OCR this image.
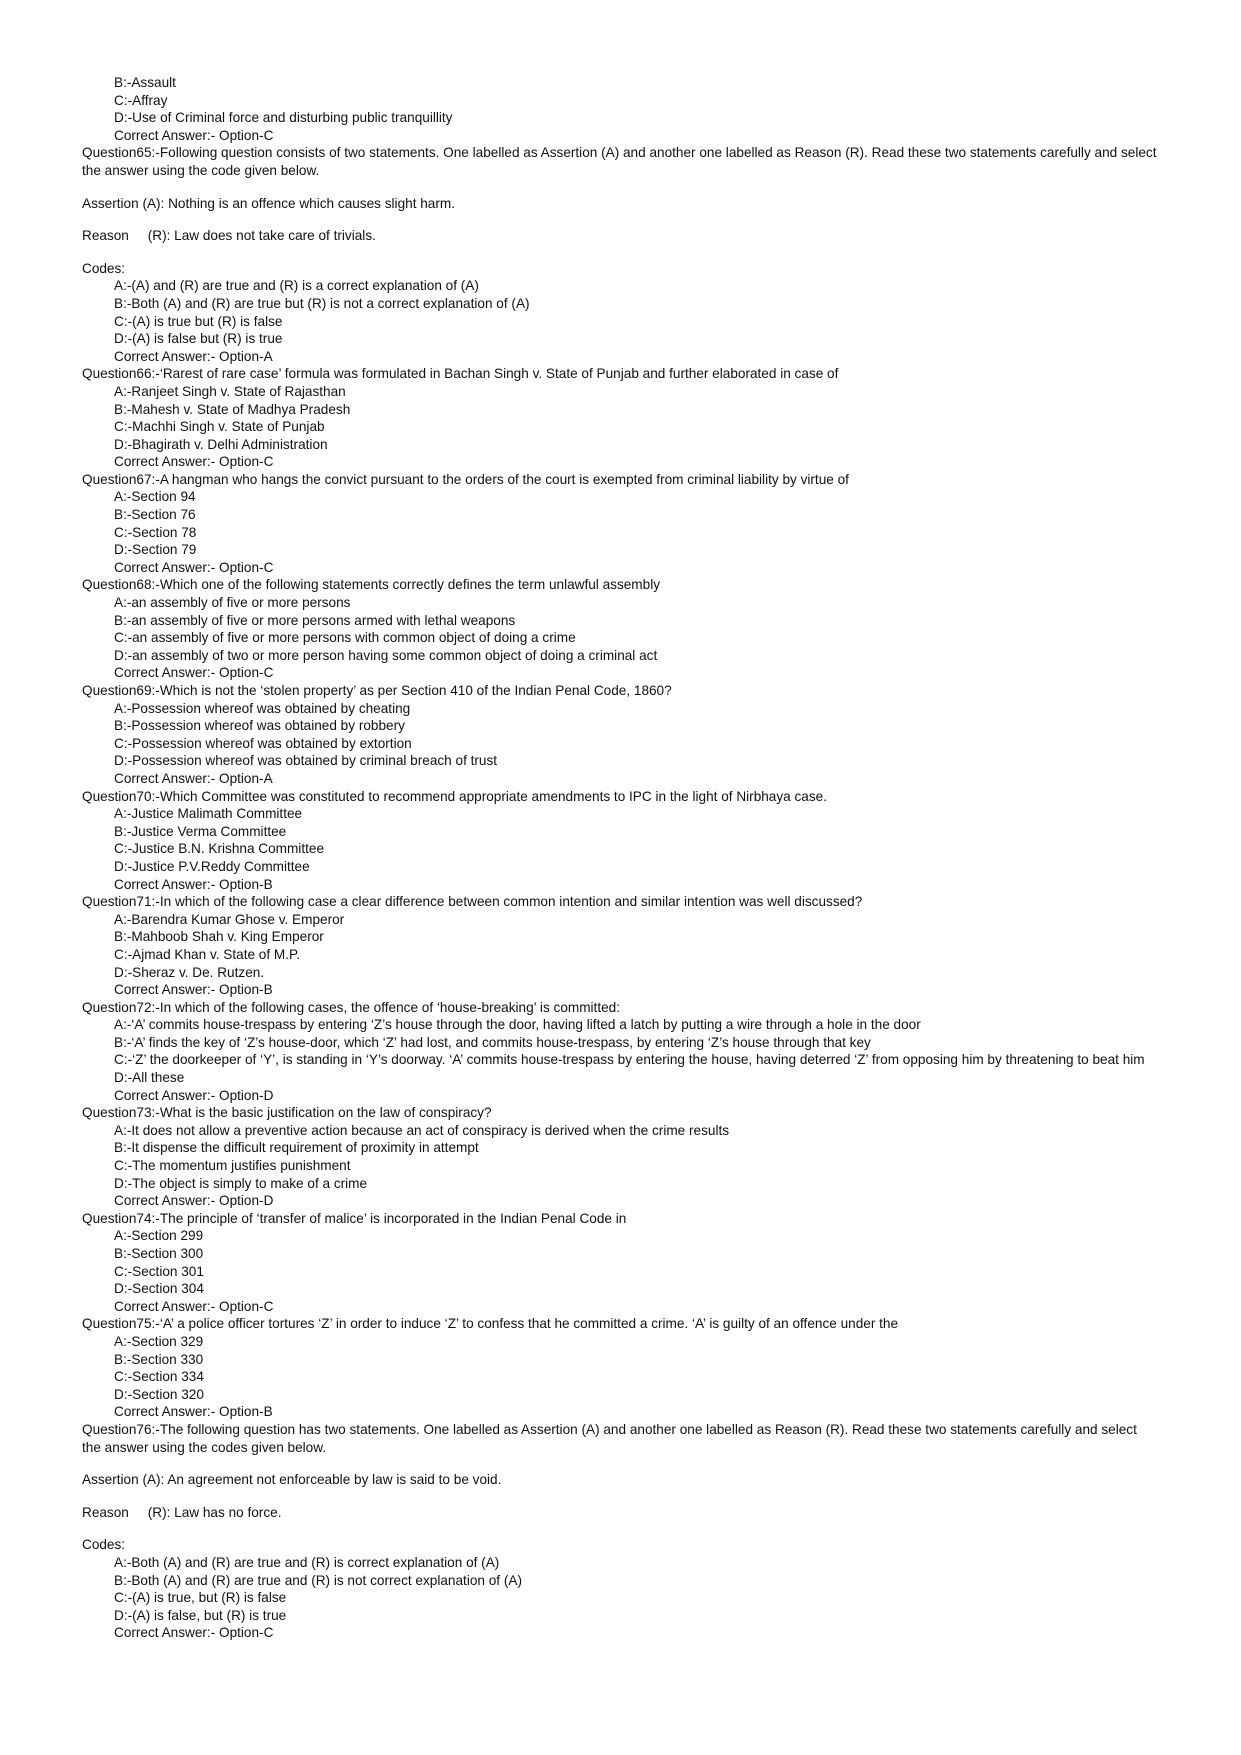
B:-Assault
C:-Affray
D:-Use of Criminal force and disturbing public tranquillity
Correct Answer:- Option-C
Question65:-Following question consists of two statements. One labelled as Assertion (A) and another one labelled as Reason (R). Read these two statements carefully and select the answer using the code given below.
Assertion (A): Nothing is an offence which causes slight harm.
Reason     (R): Law does not take care of trivials.
Codes:
A:-(A) and (R) are true and (R) is a correct explanation of (A)
B:-Both (A) and (R) are true but (R) is not a correct explanation of (A)
C:-(A) is true but (R) is false
D:-(A) is false but (R) is true
Correct Answer:- Option-A
Question66:-‘Rarest of rare case’ formula was formulated in Bachan Singh v. State of Punjab and further elaborated in case of
A:-Ranjeet Singh v. State of Rajasthan
B:-Mahesh v. State of Madhya Pradesh
C:-Machhi Singh v. State of Punjab
D:-Bhagirath v. Delhi Administration
Correct Answer:- Option-C
Question67:-A hangman who hangs the convict pursuant to the orders of the court is exempted from criminal liability by virtue of
A:-Section 94
B:-Section 76
C:-Section 78
D:-Section 79
Correct Answer:- Option-C
Question68:-Which one of the following statements correctly defines the term unlawful assembly
A:-an assembly of five or more persons
B:-an assembly of five or more persons armed with lethal weapons
C:-an assembly of five or more persons with common object of doing a crime
D:-an assembly of two or more person having some common object of doing a criminal act
Correct Answer:- Option-C
Question69:-Which is not the ‘stolen property’ as per Section 410 of the Indian Penal Code, 1860?
A:-Possession whereof was obtained by cheating
B:-Possession whereof was obtained by robbery
C:-Possession whereof was obtained by extortion
D:-Possession whereof was obtained by criminal breach of trust
Correct Answer:- Option-A
Question70:-Which Committee was constituted to recommend appropriate amendments to IPC in the light of Nirbhaya case.
A:-Justice Malimath Committee
B:-Justice Verma Committee
C:-Justice B.N. Krishna Committee
D:-Justice P.V.Reddy Committee
Correct Answer:- Option-B
Question71:-In which of the following case a clear difference between common intention and similar intention was well discussed?
A:-Barendra Kumar Ghose v. Emperor
B:-Mahboob Shah v. King Emperor
C:-Ajmad Khan v. State of M.P.
D:-Sheraz v. De. Rutzen.
Correct Answer:- Option-B
Question72:-In which of the following cases, the offence of ‘house-breaking’ is committed:
A:-‘A’ commits house-trespass by entering ‘Z’s house through the door, having lifted a latch by putting a wire through a hole in the door
B:-‘A’ finds the key of ‘Z’s house-door, which ‘Z’ had lost, and commits house-trespass, by entering ‘Z’s house through that key
C:-‘Z’ the doorkeeper of ‘Y’, is standing in ‘Y’s doorway. ‘A’ commits house-trespass by entering the house, having deterred ‘Z’ from opposing him by threatening to beat him
D:-All these
Correct Answer:- Option-D
Question73:-What is the basic justification on the law of conspiracy?
A:-It does not allow a preventive action because an act of conspiracy is derived when the crime results
B:-It dispense the difficult requirement of proximity in attempt
C:-The momentum justifies punishment
D:-The object is simply to make of a crime
Correct Answer:- Option-D
Question74:-The principle of ‘transfer of malice’ is incorporated in the Indian Penal Code in
A:-Section 299
B:-Section 300
C:-Section 301
D:-Section 304
Correct Answer:- Option-C
Question75:-‘A’ a police officer tortures ‘Z’ in order to induce ‘Z’ to confess that he committed a crime. ‘A’ is guilty of an offence under the
A:-Section 329
B:-Section 330
C:-Section 334
D:-Section 320
Correct Answer:- Option-B
Question76:-The following question has two statements. One labelled as Assertion (A) and another one labelled as Reason (R). Read these two statements carefully and select the answer using the codes given below.
Assertion (A): An agreement not enforceable by law is said to be void.
Reason     (R): Law has no force.
Codes:
A:-Both (A) and (R) are true and (R) is correct explanation of (A)
B:-Both (A) and (R) are true and (R) is not correct explanation of (A)
C:-(A) is true, but (R) is false
D:-(A) is false, but (R) is true
Correct Answer:- Option-C
